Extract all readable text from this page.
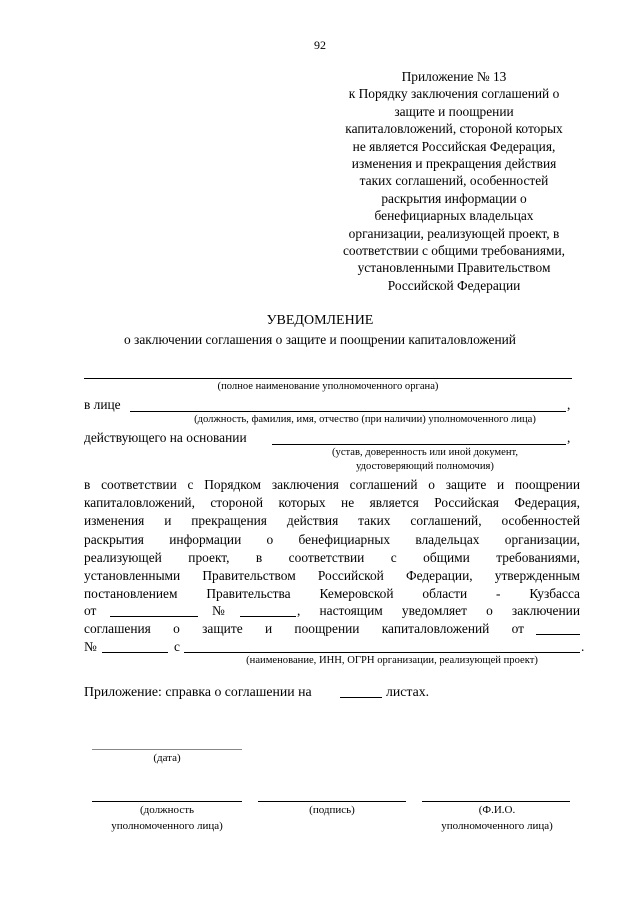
92
Приложение № 13
к Порядку заключения соглашений о
защите и поощрении
капиталовложений, стороной которых
не является Российская Федерация,
изменения и прекращения действия
таких соглашений, особенностей
раскрытия информации о
бенефициарных владельцах
организации, реализующей проект, в
соответствии с общими требованиями,
установленными Правительством
Российской Федерации
УВЕДОМЛЕНИЕ
о заключении соглашения о защите и поощрении капиталовложений
(полное наименование уполномоченного органа)
в лице	,
(должность, фамилия, имя, отчество (при наличии) уполномоченного лица)
действующего на основании	,
(устав, доверенность или иной документ,
удостоверяющий полномочия)
в соответствии с Порядком заключения соглашений о защите и поощрении
капиталовложений, стороной которых не является Российская Федерация,
изменения и прекращения действия таких соглашений, особенностей
раскрытия информации о бенефициарных владельцах организации,
реализующей проект, в соответствии с общими требованиями,
установленными Правительством Российской Федерации, утвержденным
постановлением Правительства Кемеровской области - Кузбасса
от	№	, настоящим уведомляет о заключении
соглашения о защите и поощрении капиталовложений от
№	с	.
(наименование, ИНН, ОГРН организации, реализующей проект)
Приложение: справка о соглашении на	листах.
(дата)
(должность
уполномоченного лица)
(подпись)	(Ф.И.О.
уполномоченного лица)
